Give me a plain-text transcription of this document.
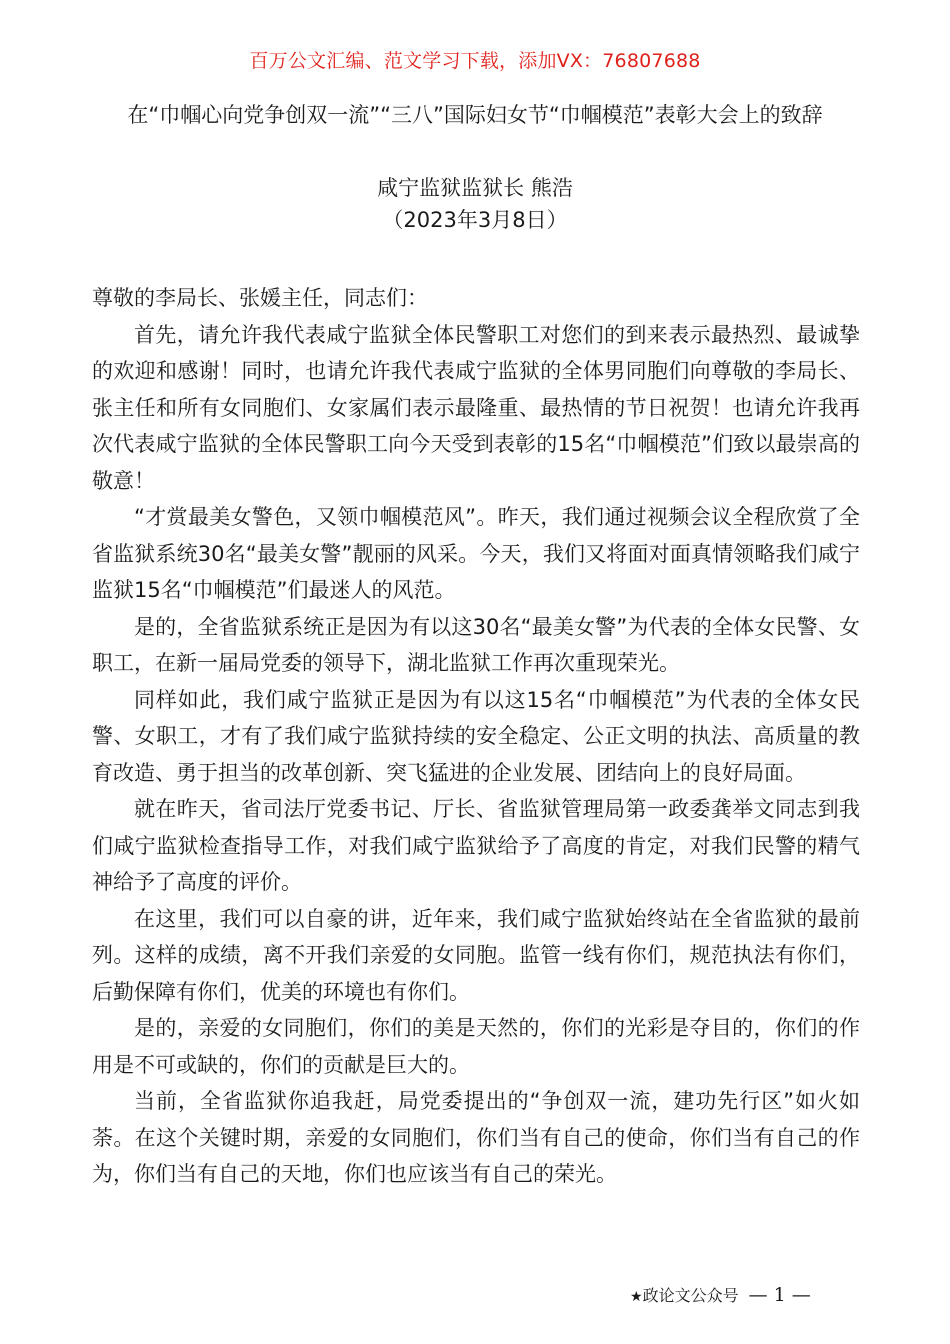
百万公文汇编、范文学习下载，添加VX：76807688
在“巾帼心向党争创双一流”“三八”国际妇女节“巾帼模范”表彰大会上的致辞
咸宁监狱监狱长 熊浩
（2023年3月8日）

尊敬的李局长、张媛主任，同志们：

首先，请允许我代表咸宁监狱全体民警职工对您们的到来表示最热烈、最诚挚的欢迎和感谢！同时，也请允许我代表咸宁监狱的全体男同胞们向尊敬的李局长、张主任和所有女同胞们、女家属们表示最隆重、最热情的节日祝贺！也请允许我再次代表咸宁监狱的全体民警职工向今天受到表彰的15名“巾帼模范”们致以最崇高的敬意！

“才赏最美女警色，又领巾帼模范风”。昨天，我们通过视频会议全程欣赏了全省监狱系统30名“最美女警”靓丽的风采。今天，我们又将面对面真情领略我们咸宁监狱15名“巾帼模范”们最迷人的风范。

是的，全省监狱系统正是因为有以这30名“最美女警”为代表的全体女民警、女职工，在新一届局党委的领导下，湖北监狱工作再次重现荣光。

同样如此，我们咸宁监狱正是因为有以这15名“巾帼模范”为代表的全体女民警、女职工，才有了我们咸宁监狱持续的安全稳定、公正文明的执法、高质量的教育改造、勇于担当的改革创新、突飞猛进的企业发展、团结向上的良好局面。

就在昨天，省司法厅党委书记、厅长、省监狱管理局第一政委龚举文同志到我们咸宁监狱检查指导工作，对我们咸宁监狱给予了高度的肯定，对我们民警的精气神给予了高度的评价。

在这里，我们可以自豪的讲，近年来，我们咸宁监狱始终站在全省监狱的最前列。这样的成绩，离不开我们亲爱的女同胞。监管一线有你们，规范执法有你们，后勤保障有你们，优美的环境也有你们。

是的，亲爱的女同胞们，你们的美是天然的，你们的光彩是夺目的，你们的作用是不可或缺的，你们的贡献是巨大的。

当前，全省监狱你追我赶，局党委提出的“争创双一流，建功先行区”如火如荼。在这个关键时期，亲爱的女同胞们，你们当有自己的使命，你们当有自己的作为，你们当有自己的天地，你们也应该当有自己的荣光。

★政论文公众号 — 1 —
